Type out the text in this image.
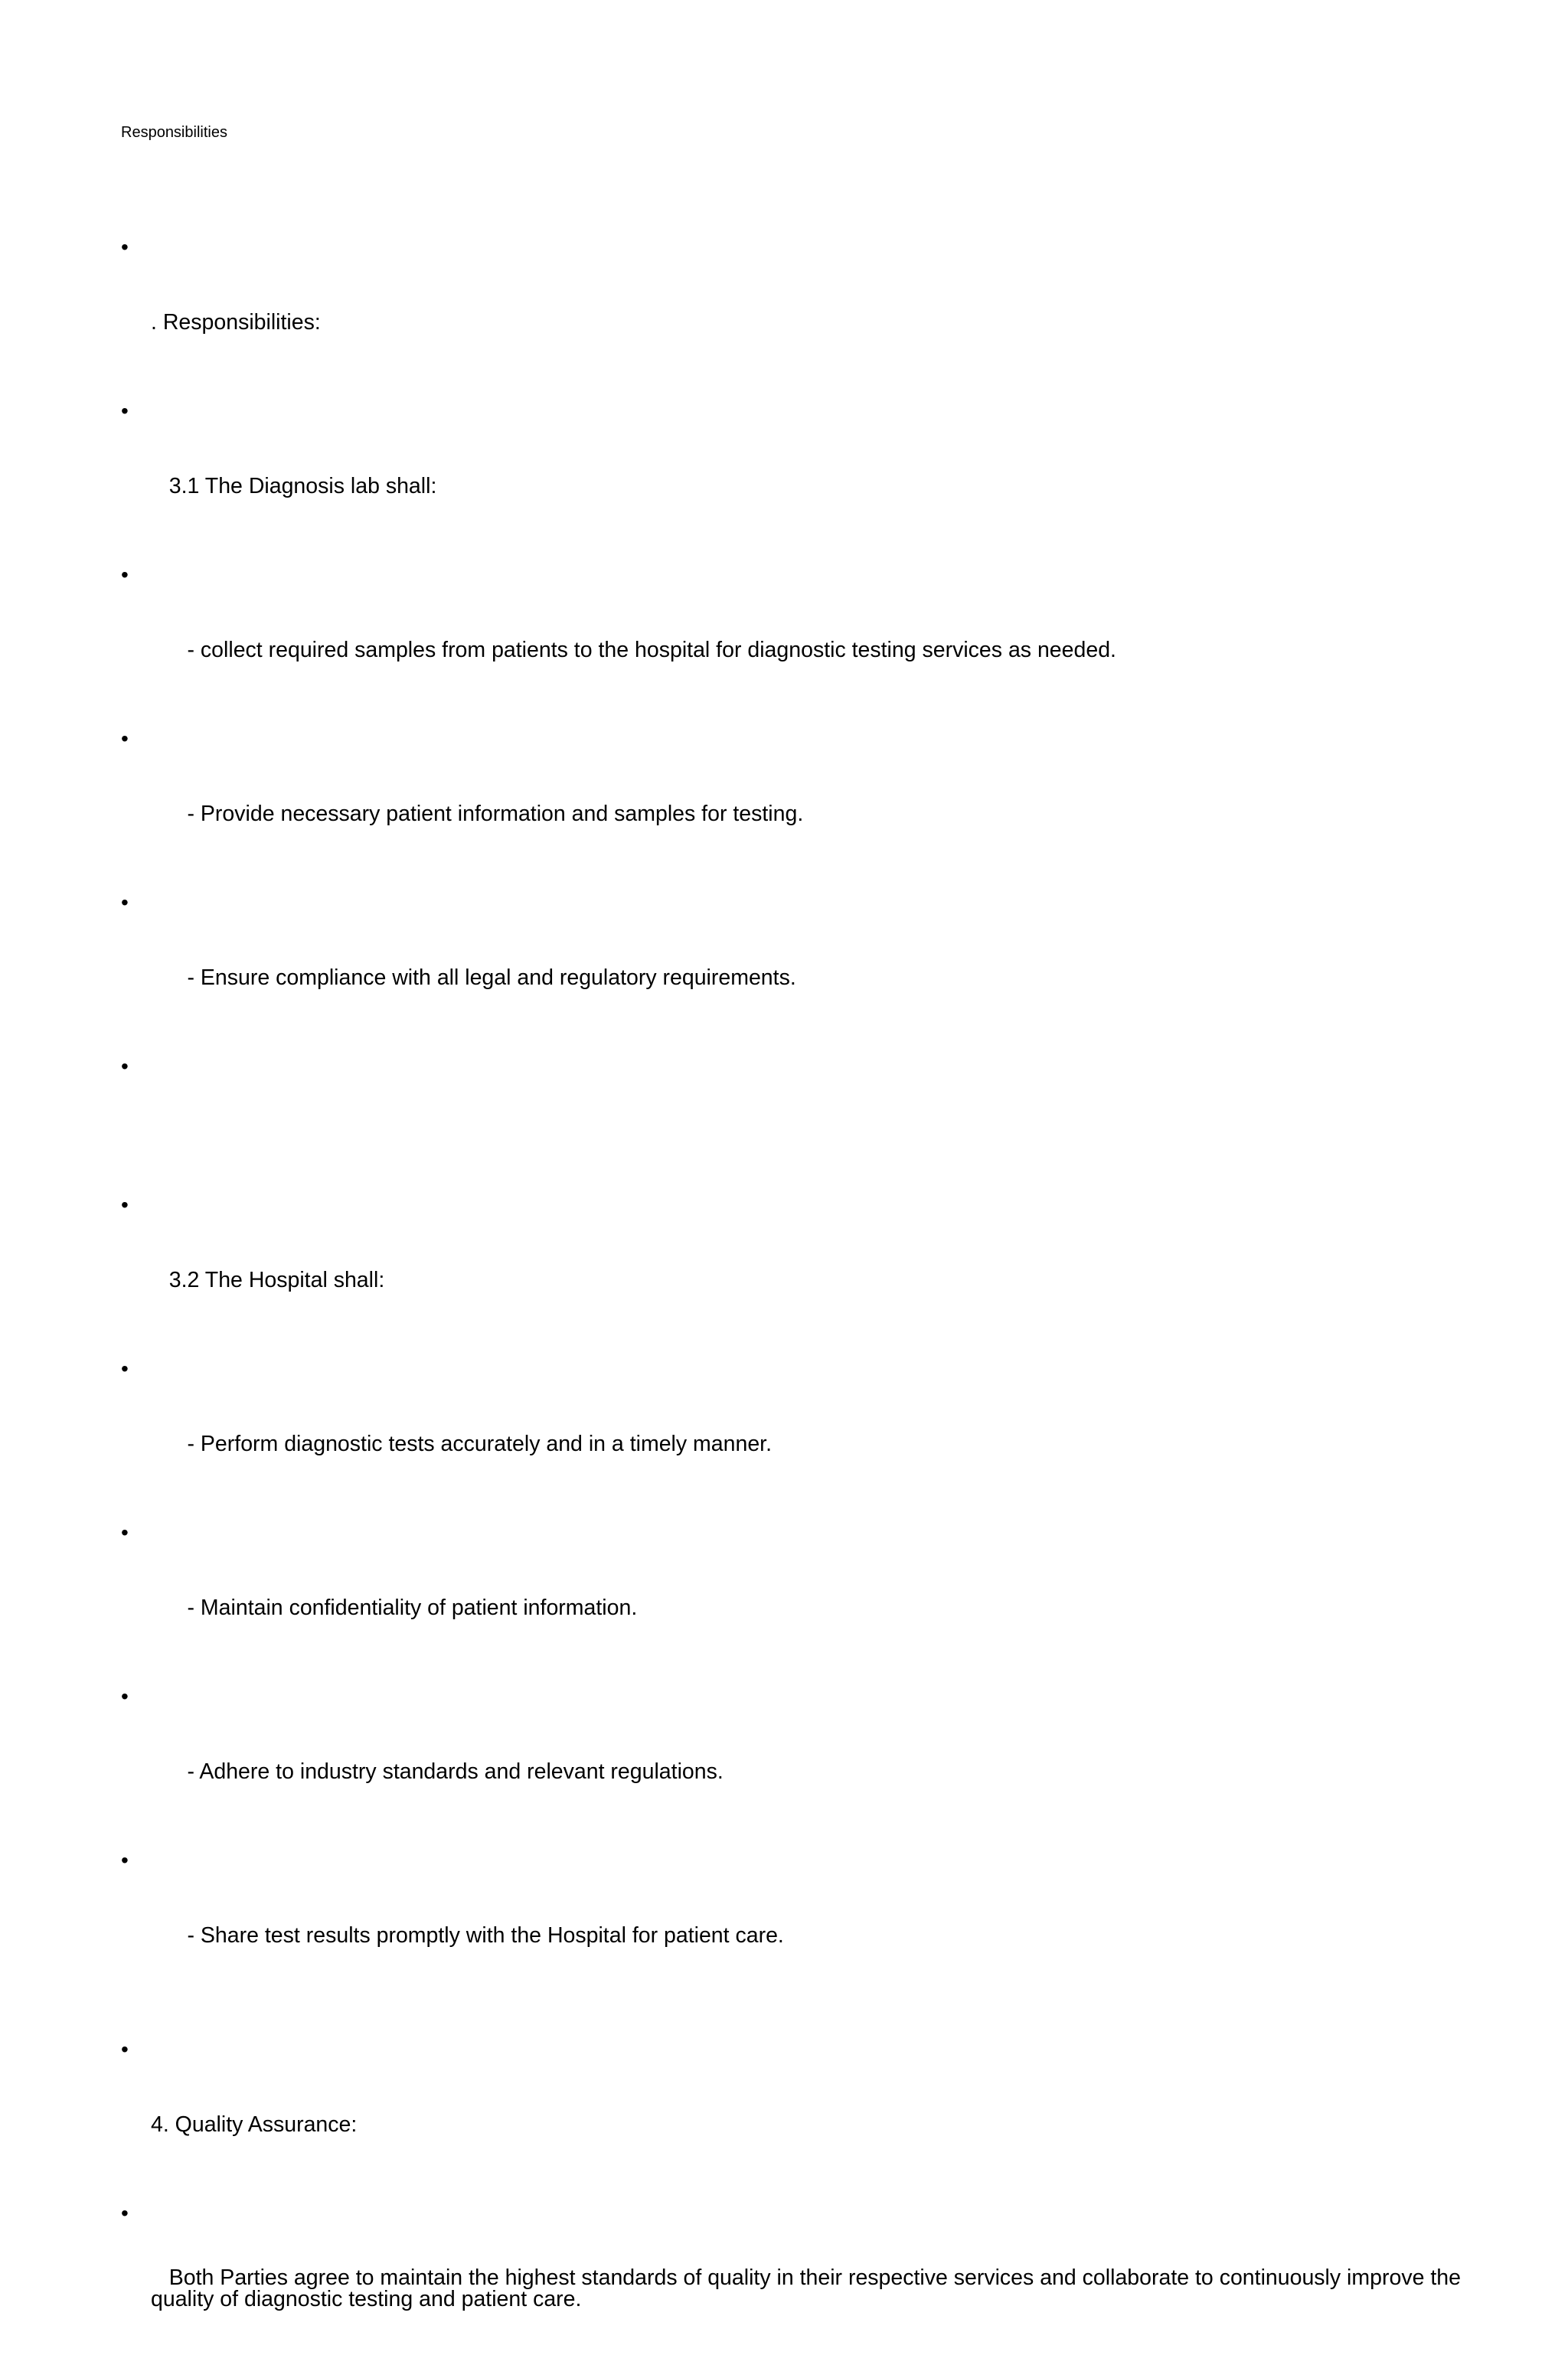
Responsibilities

•

. Responsibilities:

•

3.1 The Diagnosis lab shall:

•

- collect required samples from patients to the hospital for diagnostic testing services as needed.

•

- Provide necessary patient information and samples for testing.

•

- Ensure compliance with all legal and regulatory requirements.

•

•

3.2 The Hospital shall:

•

- Perform diagnostic tests accurately and in a timely manner.

•

- Maintain confidentiality of patient information.

•

- Adhere to industry standards and relevant regulations.

•

- Share test results promptly with the Hospital for patient care.

•

4. Quality Assurance:

•

Both Parties agree to maintain the highest standards of quality in their respective services and collaborate to continuously improve the quality of diagnostic testing and patient care.
